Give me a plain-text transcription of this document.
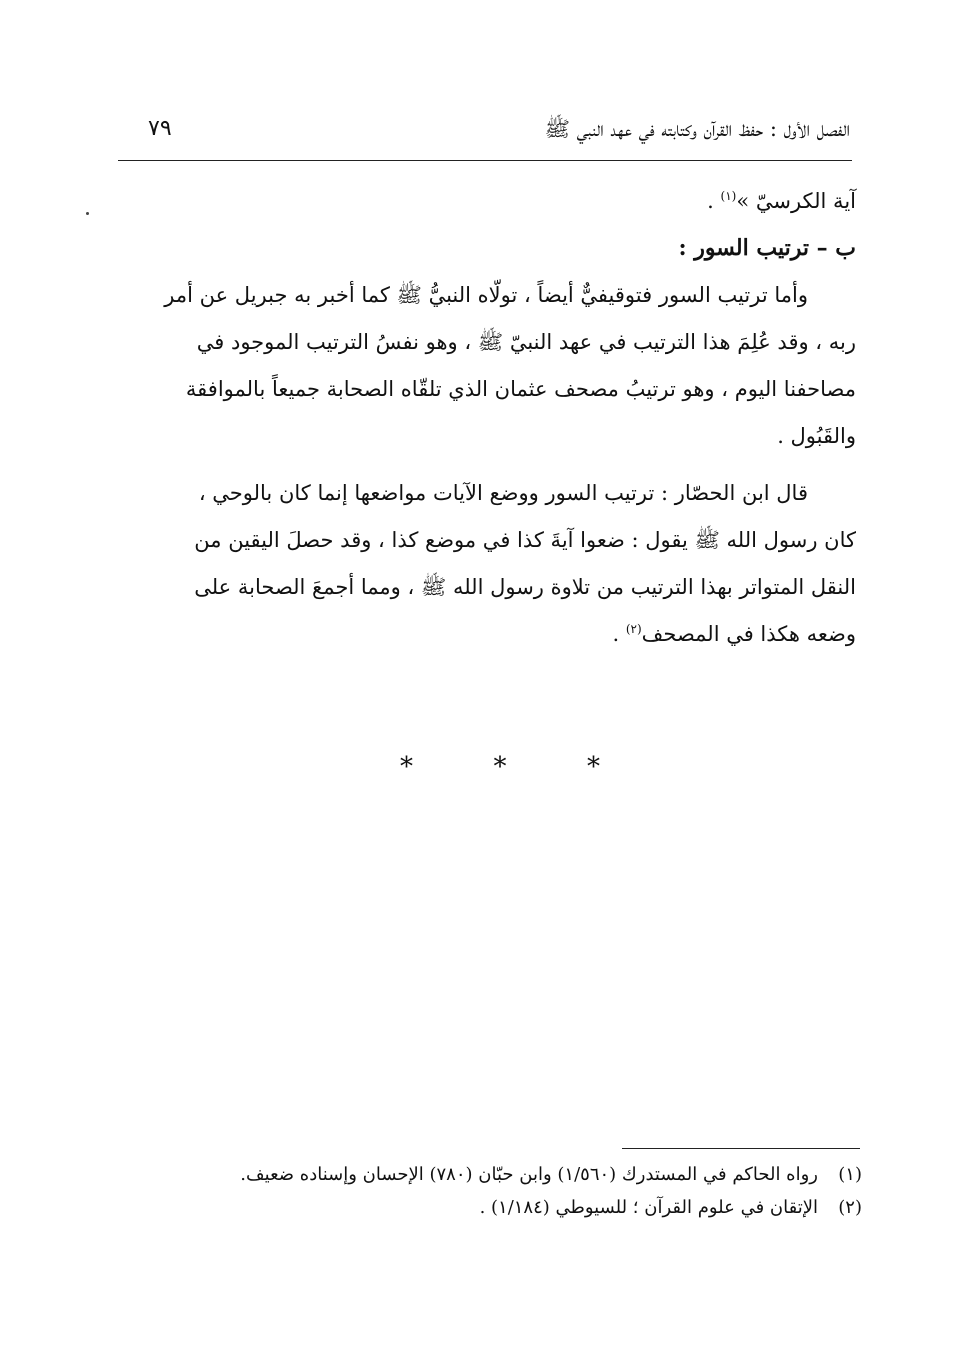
الفصل الأول : حفظ القرآن وكتابته في عهد النبي ﷺ
٧٩
آية الكرسيّ »$^{(١)}$ .
ب – ترتيب السور :
وأما ترتيب السور فتوقيفيٌّ أيضاً ، تولّاه النبيُّ ﷺ كما أخبر به جبريل عن أمر
ربه ، وقد عُلِمَ هذا الترتيب في عهد النبيّ ﷺ ، وهو نفسُ الترتيب الموجود في
مصاحفنا اليوم ، وهو ترتيبُ مصحف عثمان الذي تلقّاه الصحابة جميعاً بالموافقة
والقَبُول .
قال ابن الحصّار : ترتيب السور ووضع الآيات مواضعها إنما كان بالوحي ،
كان رسول الله ﷺ يقول : ضعوا آيةَ كذا في موضع كذا ، وقد حصلَ اليقين من
النقل المتواتر بهذا الترتيب من تلاوة رسول الله ﷺ ، ومما أجمعَ الصحابة على
وضعه هكذا في المصحف$^{(٢)}$ .
*	*	*
(١)رواه الحاكم في المستدرك (١/٥٦٠) وابن حبّان (٧٨٠) الإحسان وإسناده ضعيف.
(٢)الإتقان في علوم القرآن ؛ للسيوطي (١/١٨٤) .
